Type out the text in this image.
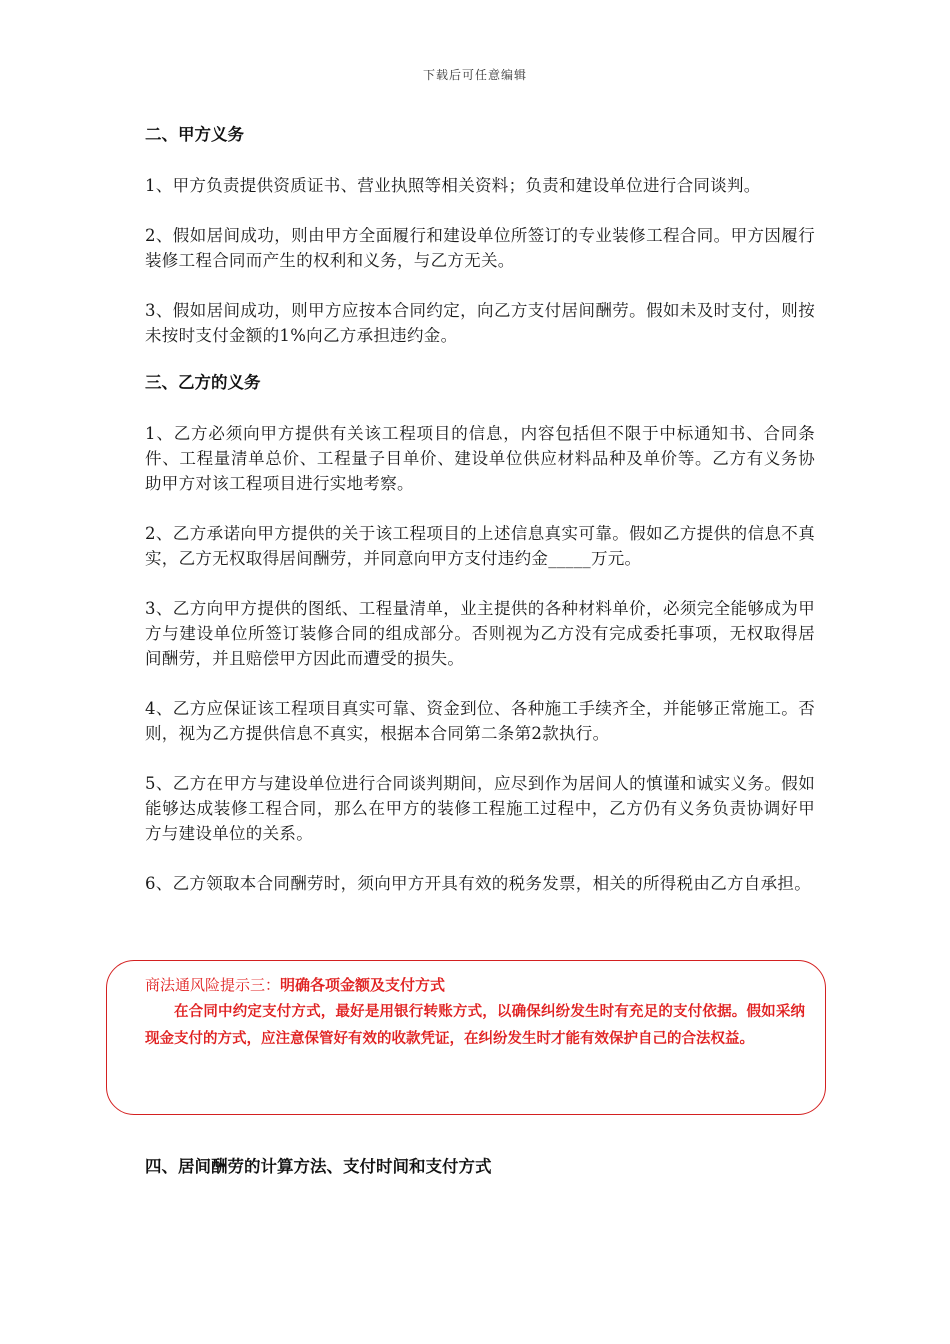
下载后可任意编辑
二、甲方义务

1、甲方负责提供资质证书、营业执照等相关资料；负责和建设单位进行合同谈判。

2、假如居间成功，则由甲方全面履行和建设单位所签订的专业装修工程合同。甲方因履行装修工程合同而产生的权利和义务，与乙方无关。

3、假如居间成功，则甲方应按本合同约定，向乙方支付居间酬劳。假如未及时支付，则按未按时支付金额的1%向乙方承担违约金。

三、乙方的义务

1、乙方必须向甲方提供有关该工程项目的信息，内容包括但不限于中标通知书、合同条件、工程量清单总价、工程量子目单价、建设单位供应材料品种及单价等。乙方有义务协助甲方对该工程项目进行实地考察。

2、乙方承诺向甲方提供的关于该工程项目的上述信息真实可靠。假如乙方提供的信息不真实，乙方无权取得居间酬劳，并同意向甲方支付违约金_____万元。

3、乙方向甲方提供的图纸、工程量清单，业主提供的各种材料单价，必须完全能够成为甲方与建设单位所签订装修合同的组成部分。否则视为乙方没有完成委托事项，无权取得居间酬劳，并且赔偿甲方因此而遭受的损失。

4、乙方应保证该工程项目真实可靠、资金到位、各种施工手续齐全，并能够正常施工。否则，视为乙方提供信息不真实，根据本合同第二条第2款执行。

5、乙方在甲方与建设单位进行合同谈判期间，应尽到作为居间人的慎谨和诚实义务。假如能够达成装修工程合同，那么在甲方的装修工程施工过程中，乙方仍有义务负责协调好甲方与建设单位的关系。

6、乙方领取本合同酬劳时，须向甲方开具有效的税务发票，相关的所得税由乙方自承担。

商法通风险提示三：明确各项金额及支付方式
在合同中约定支付方式，最好是用银行转账方式，以确保纠纷发生时有充足的支付依据。假如采纳现金支付的方式，应注意保管好有效的收款凭证，在纠纷发生时才能有效保护自己的合法权益。
四、居间酬劳的计算方法、支付时间和支付方式
